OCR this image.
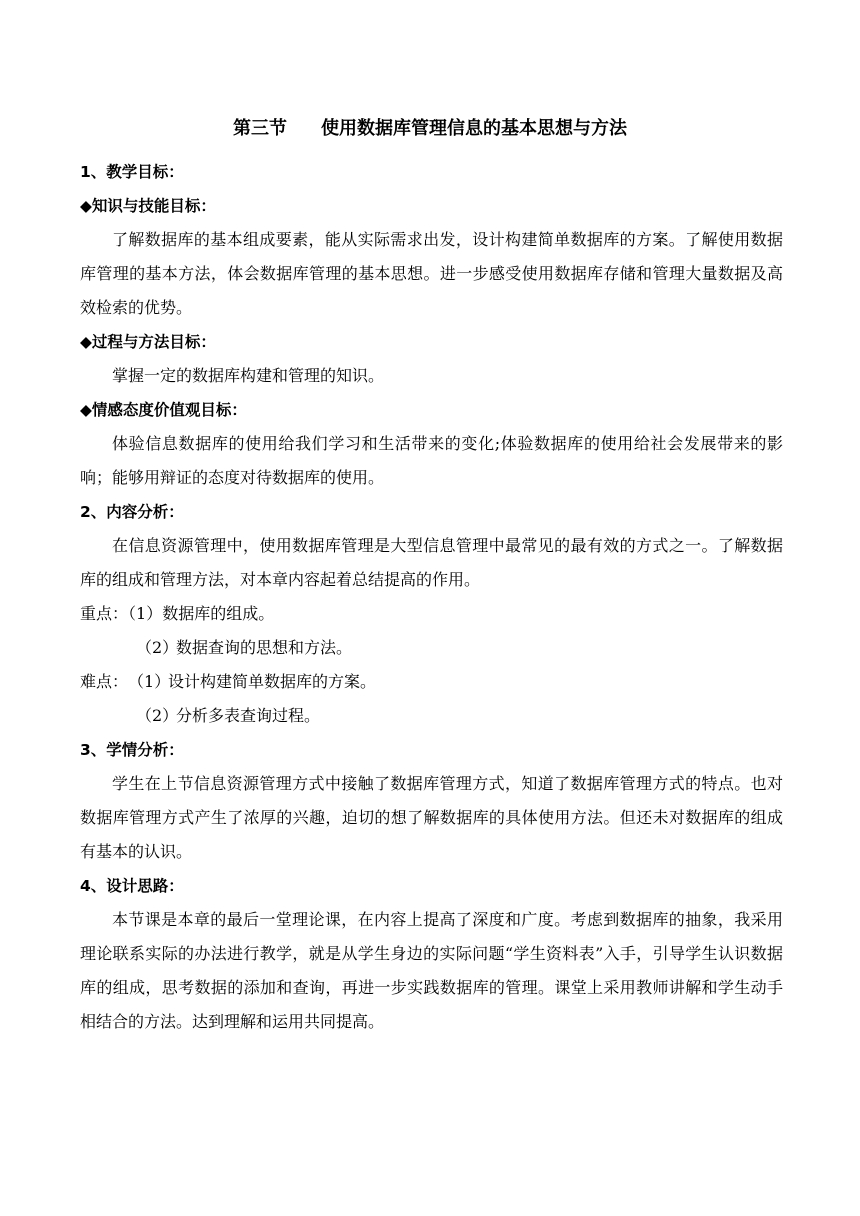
第三节 使用数据库管理信息的基本思想与方法
1、教学目标：
◆知识与技能目标：
了解数据库的基本组成要素，能从实际需求出发，设计构建简单数据库的方案。了解使用数据库管理的基本方法，体会数据库管理的基本思想。进一步感受使用数据库存储和管理大量数据及高效检索的优势。
◆过程与方法目标：
掌握一定的数据库构建和管理的知识。
◆情感态度价值观目标：
体验信息数据库的使用给我们学习和生活带来的变化;体验数据库的使用给社会发展带来的影响；能够用辩证的态度对待数据库的使用。
2、内容分析：
在信息资源管理中，使用数据库管理是大型信息管理中最常见的最有效的方式之一。了解数据库的组成和管理方法，对本章内容起着总结提高的作用。
重点：（1）数据库的组成。
（2）数据查询的思想和方法。
难点：（1）设计构建简单数据库的方案。
（2）分析多表查询过程。
3、学情分析：
学生在上节信息资源管理方式中接触了数据库管理方式，知道了数据库管理方式的特点。也对数据库管理方式产生了浓厚的兴趣，迫切的想了解数据库的具体使用方法。但还未对数据库的组成有基本的认识。
4、设计思路：
本节课是本章的最后一堂理论课，在内容上提高了深度和广度。考虑到数据库的抽象，我采用理论联系实际的办法进行教学，就是从学生身边的实际问题“学生资料表”入手，引导学生认识数据库的组成，思考数据的添加和查询，再进一步实践数据库的管理。课堂上采用教师讲解和学生动手相结合的方法。达到理解和运用共同提高。
